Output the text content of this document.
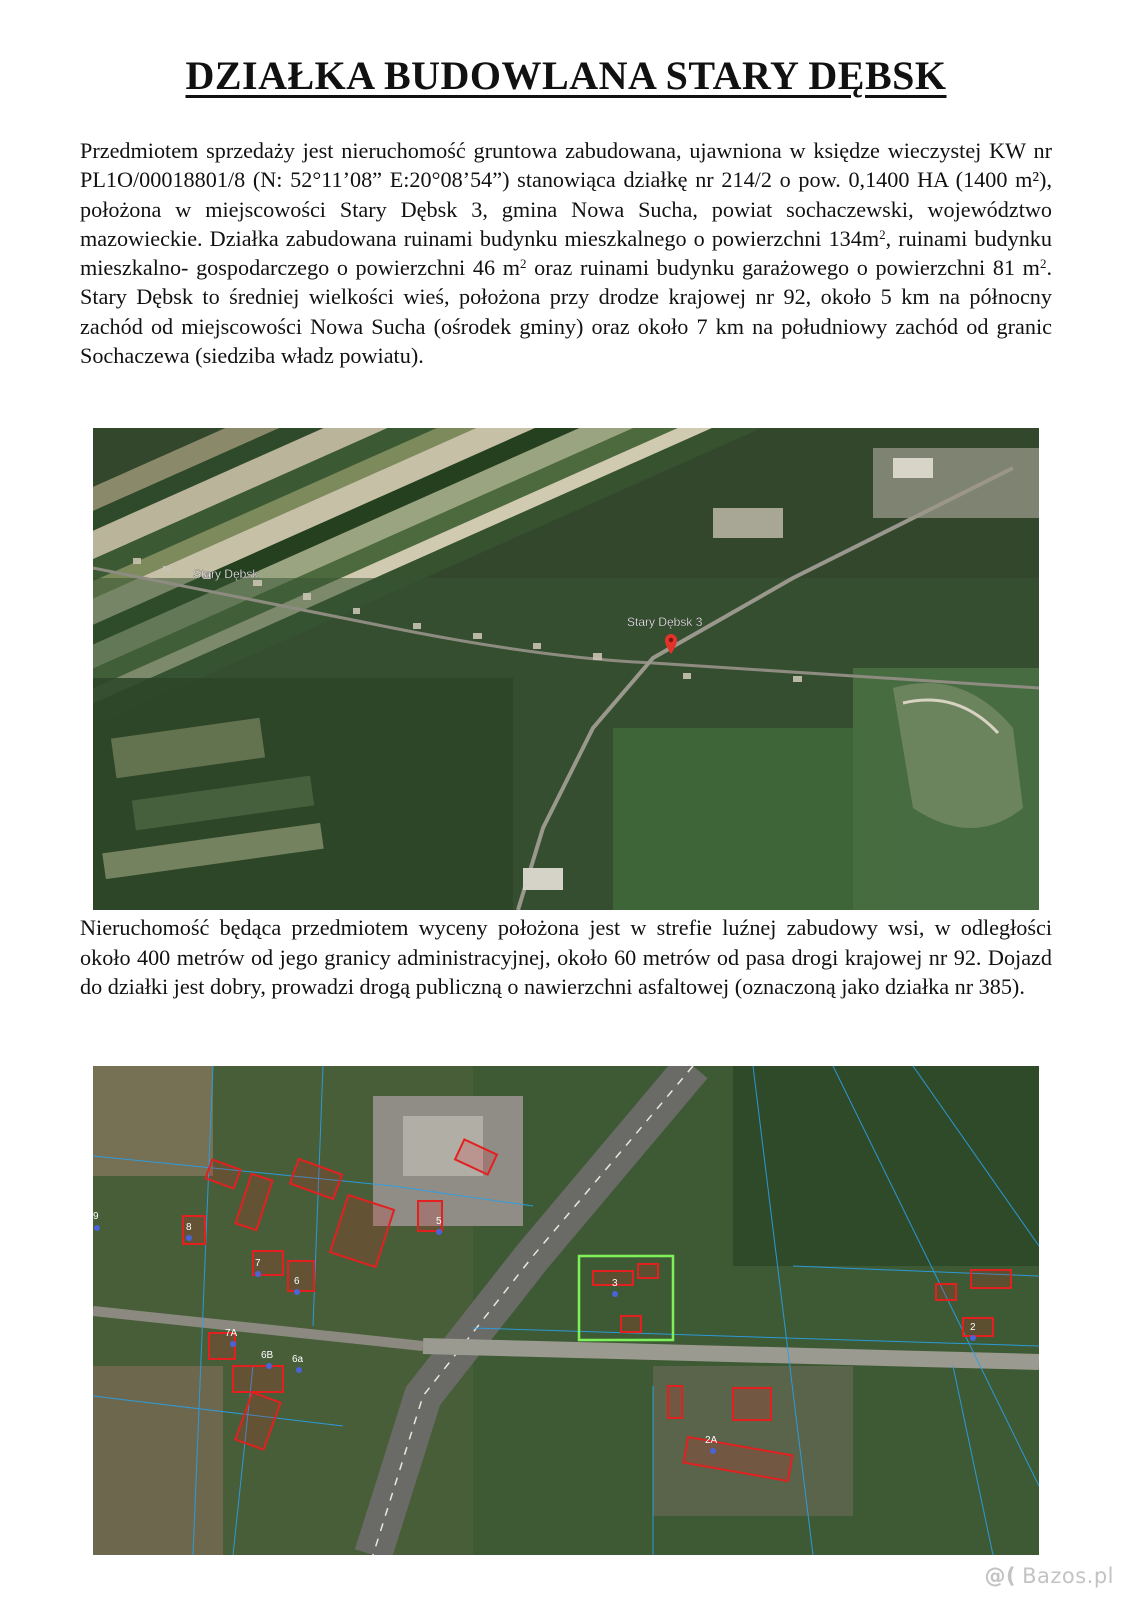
DZIAŁKA BUDOWLANA STARY DĘBSK

Przedmiotem sprzedaży jest nieruchomość gruntowa zabudowana, ujawniona w księdze wieczystej KW nr PL1O/00018801/8 (N: 52°11’08” E:20°08’54”) stanowiąca działkę nr 214/2 o pow. 0,1400 HA (1400 m²), położona w miejscowości Stary Dębsk 3, gmina Nowa Sucha, powiat sochaczewski, województwo mazowieckie. Działka zabudowana ruinami budynku mieszkalnego o powierzchni $134m^2$, ruinami budynku mieszkalno- gospodarczego o powierzchni 46 $m^2$ oraz ruinami budynku garażowego o powierzchni 81 $m^2$. Stary Dębsk to średniej wielkości wieś, położona przy drodze krajowej nr 92, około 5 km na północny zachód od miejscowości Nowa Sucha (ośrodek gminy) oraz około 7 km na południowy zachód od granic Sochaczewa (siedziba władz powiatu).

Stary Dębsk
Stary Dębsk 3

Nieruchomość będąca przedmiotem wyceny położona jest w strefie luźnej zabudowy wsi, w odległości około 400 metrów od jego granicy administracyjnej, około 60 metrów od pasa drogi krajowej nr 92. Dojazd do działki jest dobry, prowadzi drogą publiczną o nawierzchni asfaltowej (oznaczoną jako działka nr 385).

9
8
7
6
5
3
2
7A
6B 6a
2A
@( Bazos.pl
